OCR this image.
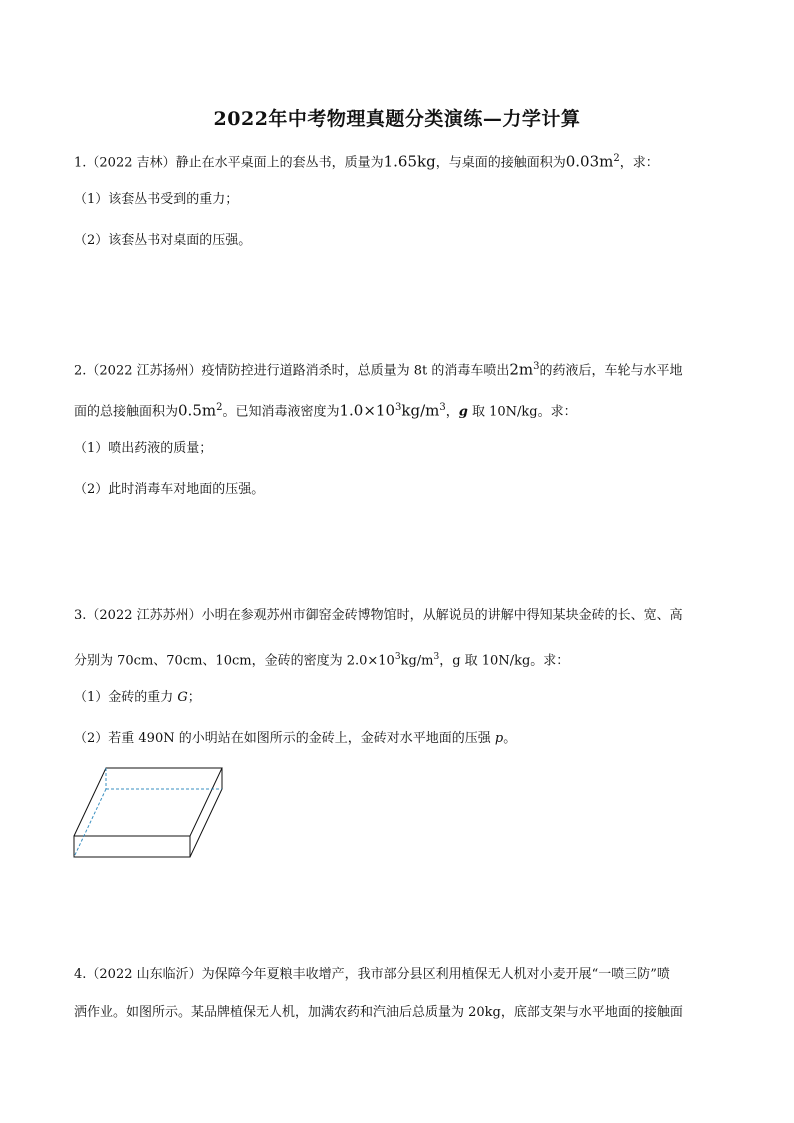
2022年中考物理真题分类演练—力学计算
1.（2022 吉林）静止在水平桌面上的套丛书，质量为1.65kg，与桌面的接触面积为$0.03m^2$，求：
（1）该套丛书受到的重力；
（2）该套丛书对桌面的压强。
2.（2022 江苏扬州）疫情防控进行道路消杀时，总质量为 8t 的消毒车喷出$2m^3$的药液后，车轮与水平地
面的总接触面积为$0.5m^2$。已知消毒液密度为$1.0\times 10^3kg/m^3$，g 取 10N/kg。求：
（1）喷出药液的质量；
（2）此时消毒车对地面的压强。
3.（2022 江苏苏州）小明在参观苏州市御窑金砖博物馆时，从解说员的讲解中得知某块金砖的长、宽、高
分别为 70cm、70cm、10cm，金砖的密度为 $2.0\times 10^3kg/m^3$，g 取 10N/kg。求：
（1）金砖的重力 G；
（2）若重 490N 的小明站在如图所示的金砖上，金砖对水平地面的压强 p。
4.（2022 山东临沂）为保障今年夏粮丰收增产，我市部分县区利用植保无人机对小麦开展“一喷三防”喷
洒作业。如图所示。某品牌植保无人机，加满农药和汽油后总质量为 20kg，底部支架与水平地面的接触面
